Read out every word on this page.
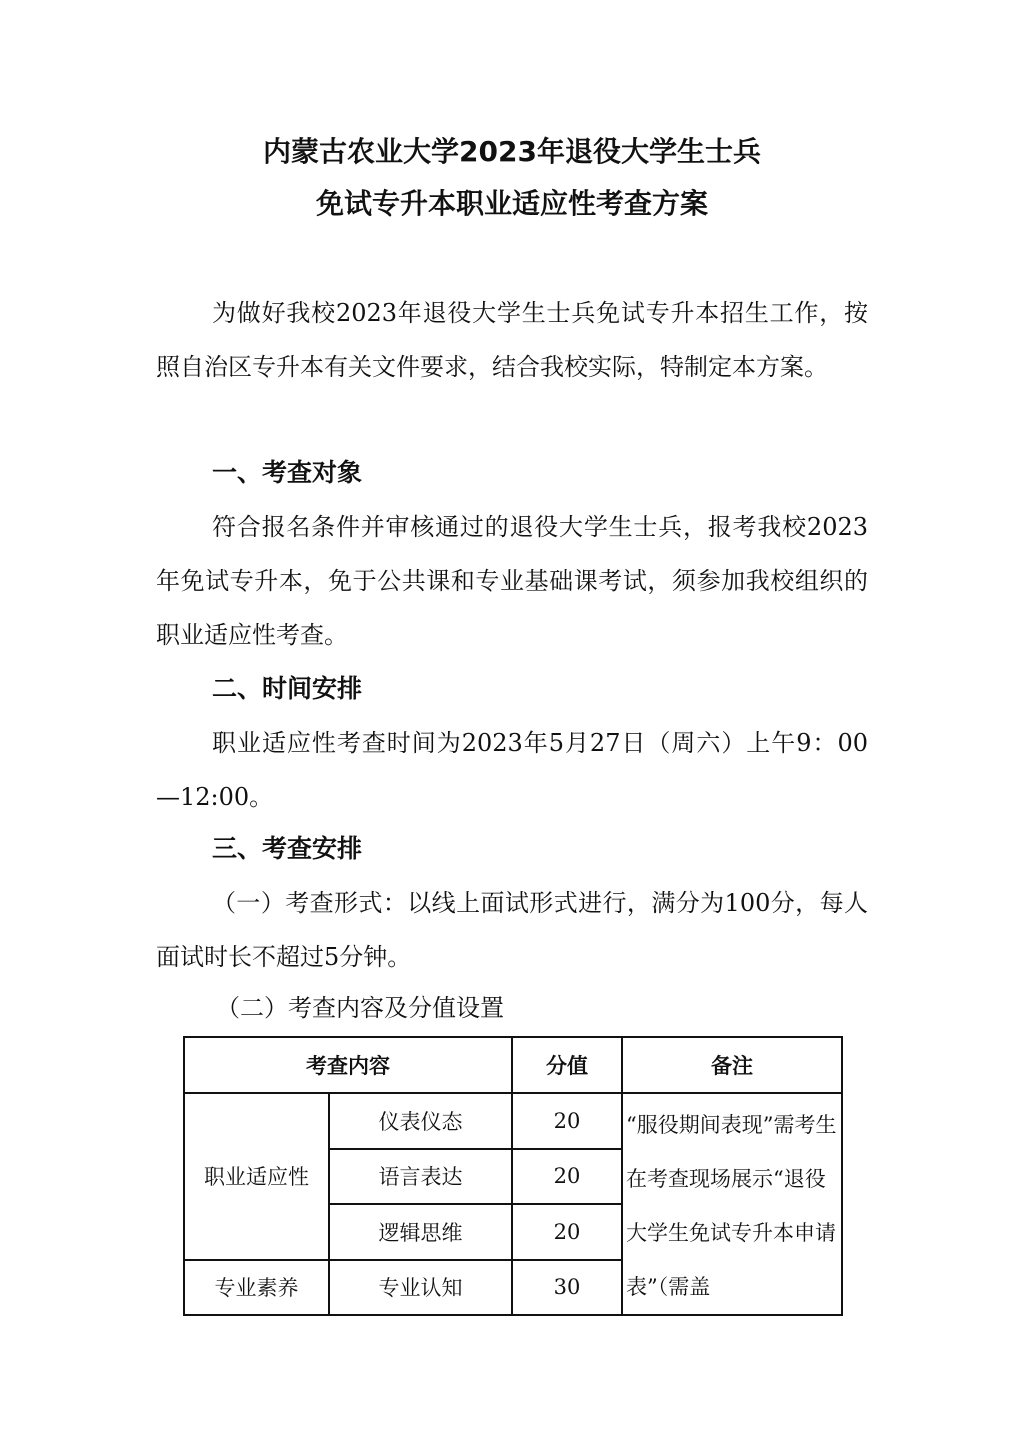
内蒙古农业大学2023年退役大学生士兵
免试专升本职业适应性考查方案

为做好我校2023年退役大学生士兵免试专升本招生工作，按照自治区专升本有关文件要求，结合我校实际，特制定本方案。

一、考查对象

符合报名条件并审核通过的退役大学生士兵，报考我校2023年免试专升本，免于公共课和专业基础课考试，须参加我校组织的职业适应性考查。

二、时间安排

职业适应性考查时间为2023年5月27日（周六）上午9：00—12:00。

三、考查安排

（一）考查形式：以线上面试形式进行，满分为100分，每人面试时长不超过5分钟。

（二）考查内容及分值设置
考查内容		分值	备注
职业适应性	仪表仪态	20	“服役期间表现”需考生在考查现场展示“退役大学生免试专升本申请表”（需盖
	语言表达	20	
	逻辑思维	20	
专业素养	专业认知	30	
